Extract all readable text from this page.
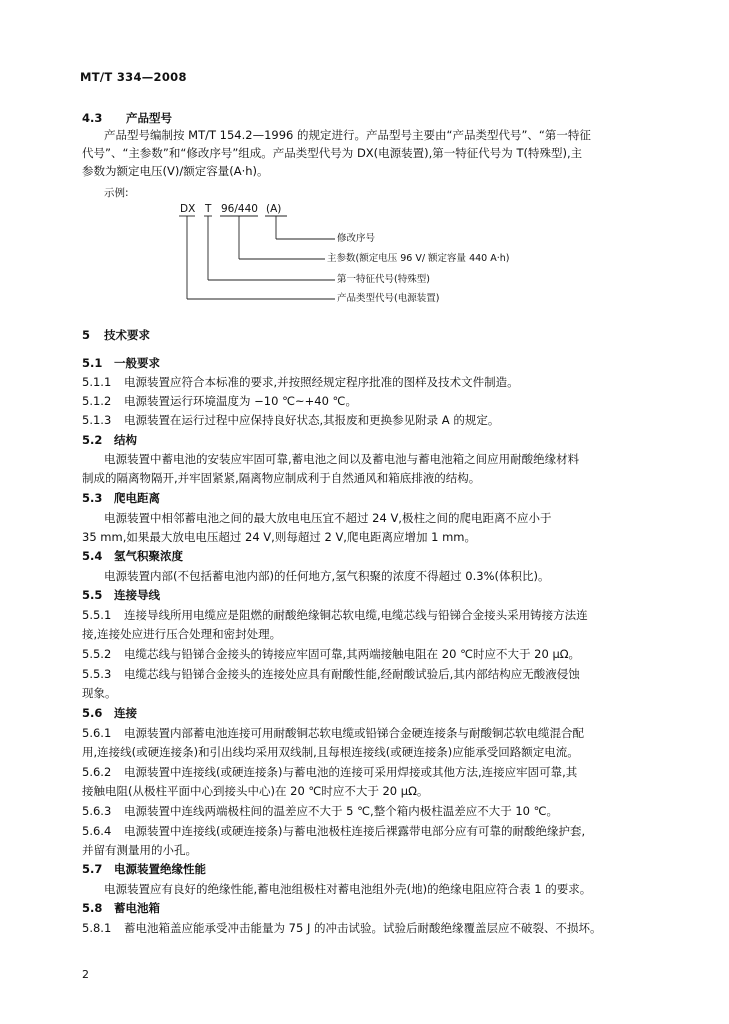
MT/T 334—2008
4.3 产品型号
产品型号编制按 MT/T 154.2—1996 的规定进行。产品型号主要由“产品类型代号”、“第一特征
代号”、“主参数”和“修改序号”组成。产品类型代号为 DX(电源装置),第一特征代号为 T(特殊型),主
参数为额定电压(V)/额定容量(A·h)。
示例:
DX T 96/440 (A)
修改序号
主参数(额定电压 96 V/ 额定容量 440 A·h)
第一特征代号(特殊型)
产品类型代号(电源装置)
5 技术要求
5.1 一般要求
5.1.1 电源装置应符合本标准的要求,并按照经规定程序批准的图样及技术文件制造。
5.1.2 电源装置运行环境温度为 −10 ℃~+40 ℃。
5.1.3 电源装置在运行过程中应保持良好状态,其报废和更换参见附录 A 的规定。
5.2 结构
电源装置中蓄电池的安装应牢固可靠,蓄电池之间以及蓄电池与蓄电池箱之间应用耐酸绝缘材料
制成的隔离物隔开,并牢固紧紧,隔离物应制成利于自然通风和箱底排液的结构。
5.3 爬电距离
电源装置中相邻蓄电池之间的最大放电电压宜不超过 24 V,极柱之间的爬电距离不应小于
35 mm,如果最大放电电压超过 24 V,则每超过 2 V,爬电距离应增加 1 mm。
5.4 氢气积聚浓度
电源装置内部(不包括蓄电池内部)的任何地方,氢气积聚的浓度不得超过 0.3%(体积比)。
5.5 连接导线
5.5.1 连接导线所用电缆应是阻燃的耐酸绝缘铜芯软电缆,电缆芯线与铅锑合金接头采用铸接方法连
接,连接处应进行压合处理和密封处理。
5.5.2 电缆芯线与铅锑合金接头的铸接应牢固可靠,其两端接触电阻在 20 ℃时应不大于 20 μΩ。
5.5.3 电缆芯线与铅锑合金接头的连接处应具有耐酸性能,经耐酸试验后,其内部结构应无酸液侵蚀
现象。
5.6 连接
5.6.1 电源装置内部蓄电池连接可用耐酸铜芯软电缆或铅锑合金硬连接条与耐酸铜芯软电缆混合配
用,连接线(或硬连接条)和引出线均采用双线制,且每根连接线(或硬连接条)应能承受回路额定电流。
5.6.2 电源装置中连接线(或硬连接条)与蓄电池的连接可采用焊接或其他方法,连接应牢固可靠,其
接触电阻(从极柱平面中心到接头中心)在 20 ℃时应不大于 20 μΩ。
5.6.3 电源装置中连线两端极柱间的温差应不大于 5 ℃,整个箱内极柱温差应不大于 10 ℃。
5.6.4 电源装置中连接线(或硬连接条)与蓄电池极柱连接后裸露带电部分应有可靠的耐酸绝缘护套,
并留有测量用的小孔。
5.7 电源装置绝缘性能
电源装置应有良好的绝缘性能,蓄电池组极柱对蓄电池组外壳(地)的绝缘电阻应符合表 1 的要求。
5.8 蓄电池箱
5.8.1 蓄电池箱盖应能承受冲击能量为 75 J 的冲击试验。试验后耐酸绝缘覆盖层应不破裂、不损坏。
2
